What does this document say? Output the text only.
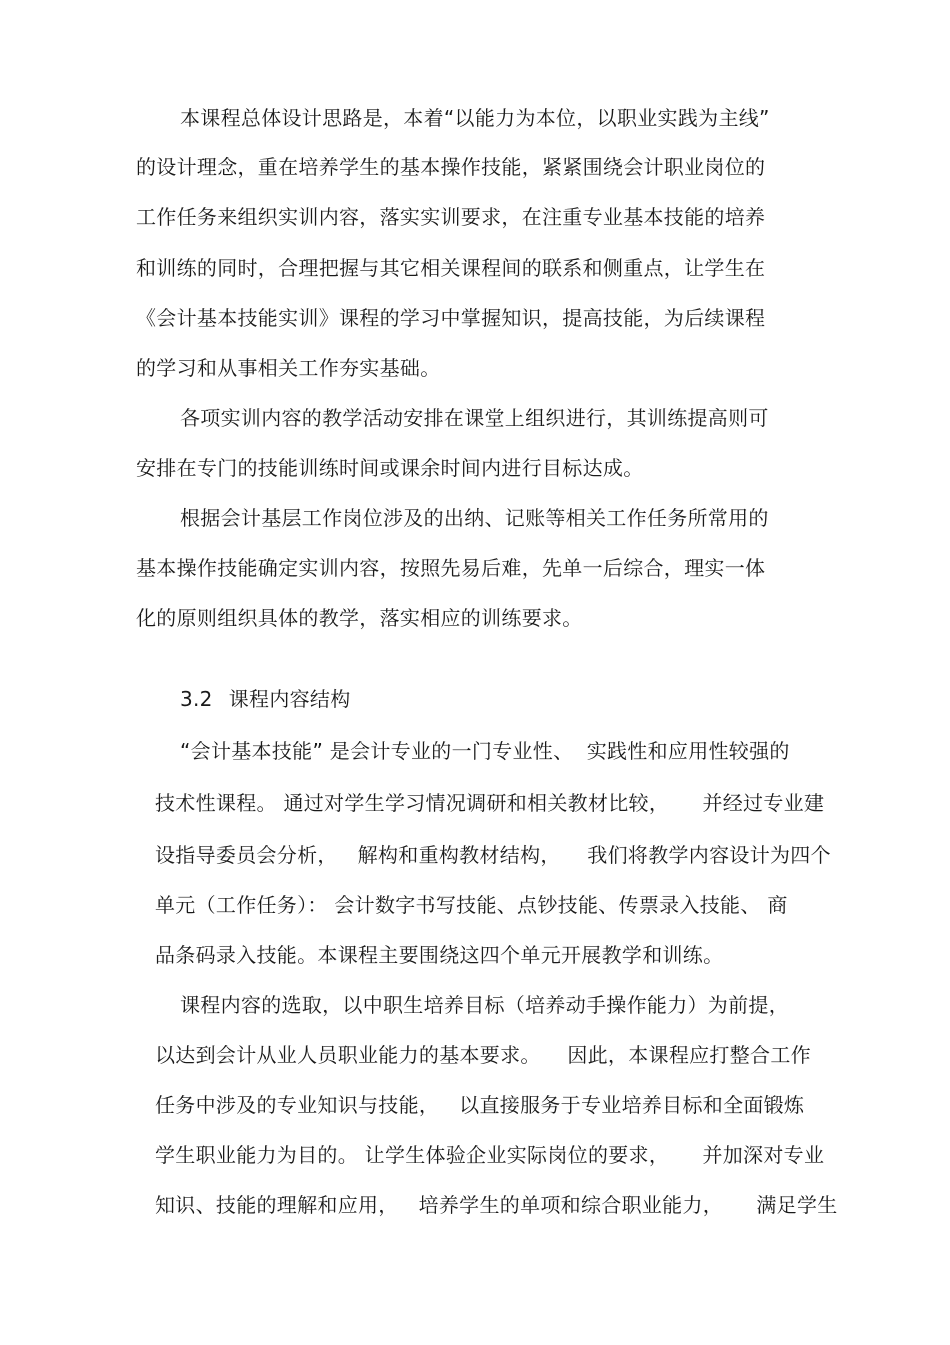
本课程总体设计思路是，本着“以能力为本位，以职业实践为主线”
的设计理念，重在培养学生的基本操作技能，紧紧围绕会计职业岗位的
工作任务来组织实训内容，落实实训要求，在注重专业基本技能的培养
和训练的同时，合理把握与其它相关课程间的联系和侧重点，让学生在
《会计基本技能实训》课程的学习中掌握知识，提高技能，为后续课程
的学习和从事相关工作夯实基础。
各项实训内容的教学活动安排在课堂上组织进行，其训练提高则可
安排在专门的技能训练时间或课余时间内进行目标达成。
根据会计基层工作岗位涉及的出纳、记账等相关工作任务所常用的
基本操作技能确定实训内容，按照先易后难，先单一后综合，理实一体
化的原则组织具体的教学，落实相应的训练要求。
3.2 课程内容结构
“会计基本技能” 是会计专业的一门专业性、  实践性和应用性较强的
技术性课程。 通过对学生学习情况调研和相关教材比较，     并经过专业建
设指导委员会分析，   解构和重构教材结构，    我们将教学内容设计为四个
单元（工作任务）： 会计数字书写技能、点钞技能、传票录入技能、 商
品条码录入技能。本课程主要围绕这四个单元开展教学和训练。
课程内容的选取，以中职生培养目标（培养动手操作能力）为前提，
以达到会计从业人员职业能力的基本要求。    因此，本课程应打整合工作
任务中涉及的专业知识与技能，   以直接服务于专业培养目标和全面锻炼
学生职业能力为目的。 让学生体验企业实际岗位的要求，     并加深对专业
知识、技能的理解和应用，   培养学生的单项和综合职业能力，     满足学生
